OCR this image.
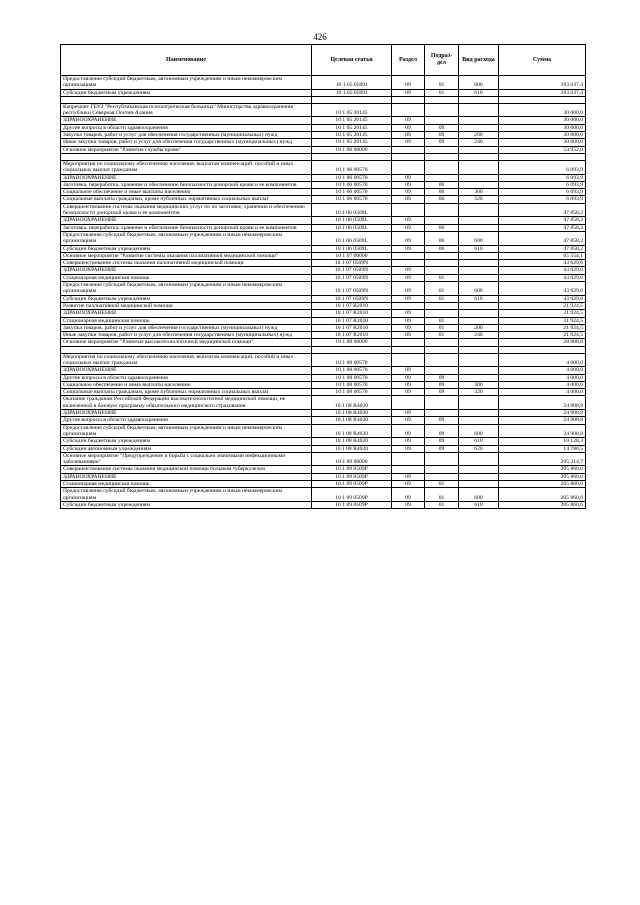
426
Наименование	Целевая статья	Раздел	Подраз-дел	Вид расхода	Сумма
Предоставление субсидий бюджетным, автономным учреждениям и иным некоммерческим организациям	10 1 05 0509J	09	01	600	193 637,4
Субсидии бюджетным учреждениям	10 1 05 0509J	09	01	610	193 637,4

Капремонт ГБУЗ "Республиканская психиатрическая больница" Министерства здравоохранения республики Северная Осетия-Алания	10 1 05 20145				30 000,0
ЗДРАВООХРАНЕНИЕ	10 1 05 20145	09			30 000,0
Другие вопросы в области здравоохранения	10 1 05 20145	09	09		30 000,0
Закупка товаров, работ и услуг для обеспечения государственных (муниципальных) нужд	10 1 05 20145	09	09	200	30 000,0
Иные закупки товаров, работ и услуг для обеспечения государственных (муниципальных) нужд	10 1 05 20145	09	09	240	30 000,0
Основное мероприятие "Развитие службы крови"	10 1 06 00000				53 952,0

Мероприятия по социальному обеспечению населения, выплатам компенсаций, пособий и иных социальных выплат гражданам	10 1 06 00570				6 093,9
ЗДРАВООХРАНЕНИЕ	10 1 06 00570	09			6 093,9
Заготовка, переработка, хранение и обеспечение безопасности донорской крови и ее компонентов	10 1 06 00570	09	06		6 093,9
Социальное обеспечение и иные выплаты населению	10 1 06 00570	09	06	300	6 093,9
Социальные выплаты гражданам, кроме публичных нормативных социальных выплат	10 1 06 00570	09	06	320	6 093,9
Совершенствование системы оказания медицинских услуг по по заготовке, хранению и обеспечению безопасности донорской крови и ее компонентов	10 1 06 0509L				47 858,2
ЗДРАВООХРАНЕНИЕ	10 1 06 0509L	09			47 858,2
Заготовка, переработка, хранение и обеспечение безопасности донорской крови и ее компонентов	10 1 06 0509L	09	06		47 858,2
Предоставление субсидий бюджетным, автономным учреждениям и иным некоммерческим организациям	10 1 06 0509L	09	06	600	47 858,2
Субсидии бюджетным учреждениям	10 1 06 0509L	09	06	610	47 858,2
Основное мероприятие "Развитие системы оказания паллиативной медицинской помощи"	10 1 07 00000				65 554,1
Совершенствование системы оказания паллиативной медицинской помощи	10 1 07 0509N				43 629,6
ЗДРАВООХРАНЕНИЕ	10 1 07 0509N	09			43 629,6
Стационарная медицинская помощь	10 1 07 0509N	09	01		43 629,6
Предоставление субсидий бюджетным, автономным учреждениям и иным некоммерческим организациям	10 1 07 0509N	09	01	600	43 629,6
Субсидии бюджетным учреждениям	10 1 07 0509N	09	01	610	43 629,6
Развитие паллиативной медицинской помощи	10 1 07 R2010				21 924,5
ЗДРАВООХРАНЕНИЕ	10 1 07 R2010	09			21 924,5
Стационарная медицинская помощь	10 1 07 R2010	09	01		21 924,5
Закупка товаров, работ и услуг для обеспечения государственных (муниципальных) нужд	10 1 07 R2010	09	01	200	21 924,5
Иные закупки товаров, работ и услуг для обеспечения государственных (муниципальных) нужд	10 1 07 R2010	09	01	240	21 924,5
Основное мероприятие "Развитие высокотехнологичной медицинской помощи"	10 1 08 00000				28 908,8

Мероприятия по социальному обеспечению населения, выплатам компенсаций, пособий и иных социальных выплат гражданам	10 1 08 00570				4 000,0
ЗДРАВООХРАНЕНИЕ	10 1 08 00570	09			4 000,0
Другие вопросы в области здравоохранения	10 1 08 00570	09	09		4 000,0
Социальное обеспечение и иные выплаты населению	10 1 08 00570	09	09	300	4 000,0
Социальные выплаты гражданам, кроме публичных нормативных социальных выплат	10 1 08 00570	09	09	320	4 000,0
Оказание гражданам Российской Федерации высокотехнологичной медицинской помощи, не включенной в базовую программу обязательного медицинского страхования	10 1 08 R4020				24 908,8
ЗДРАВООХРАНЕНИЕ	10 1 08 R4020	09			24 908,8
Другие вопросы в области здравоохранения	10 1 08 R4020	09	09		24 908,8
Предоставление субсидий бюджетным, автономным учреждениям и иным некоммерческим организациям	10 1 08 R4020	09	09	600	24 908,8
Субсидии бюджетным учреждениям	10 1 08 R4020	09	09	610	10 128,3
Субсидии автономным учреждениям	10 1 08 R4020	09	09	620	14 780,5
Основное мероприятие "Предупреждение и борьба с социально значимыми инфекционными заболеваниями"	10 1 09 00000				295 314,7
Совершенствование системы оказания медицинской помощи больным туберкулезом	10 1 09 0509P				205 860,6
ЗДРАВООХРАНЕНИЕ	10 1 09 0509P	09			205 860,6
Стационарная медицинская помощь	10 1 09 0509P	09	01		205 860,6
Предоставление субсидий бюджетным, автономным учреждениям и иным некоммерческим организациям	10 1 09 0509P	09	01	600	205 860,6
Субсидии бюджетным учреждениям	10 1 09 0509P	09	01	610	205 860,6
